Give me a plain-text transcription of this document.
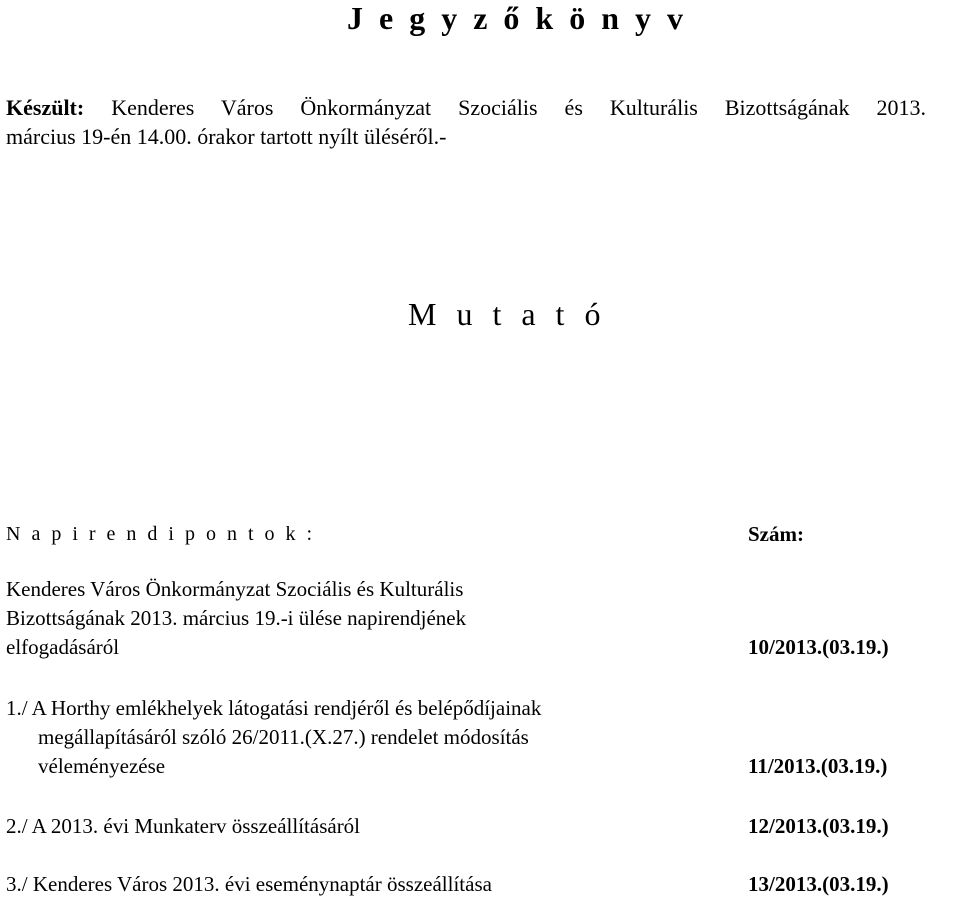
J e g y z ő k ö n y v
Készült: Kenderes Város Önkormányzat Szociális és Kulturális Bizottságának 2013.
március 19-én 14.00. órakor tartott nyílt üléséről.-
M u t a t ó
N a p i r e n d i p o n t o k :	Szám:
Kenderes Város Önkormányzat Szociális és Kulturális
Bizottságának 2013. március 19.-i ülése napirendjének
elfogadásáról	10/2013.(03.19.)
1./ A Horthy emlékhelyek látogatási rendjéről és belépődíjainak
megállapításáról szóló 26/2011.(X.27.) rendelet módosítás
véleményezése	11/2013.(03.19.)
2./ A 2013. évi Munkaterv összeállításáról	12/2013.(03.19.)
3./ Kenderes Város 2013. évi eseménynaptár összeállítása	13/2013.(03.19.)
